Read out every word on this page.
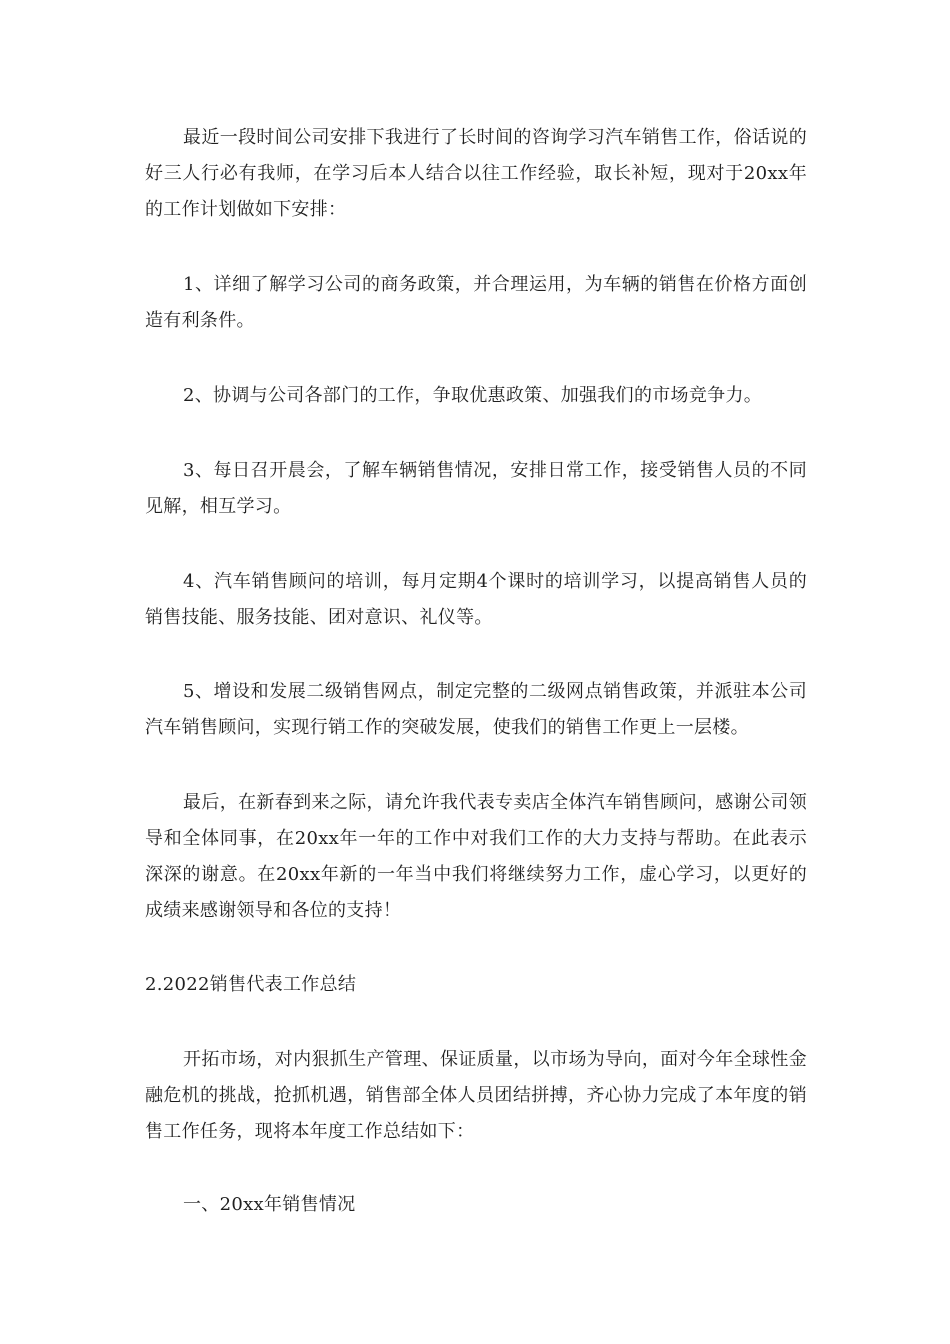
最近一段时间公司安排下我进行了长时间的咨询学习汽车销售工作，俗话说的好三人行必有我师，在学习后本人结合以往工作经验，取长补短，现对于20xx年的工作计划做如下安排：

1、详细了解学习公司的商务政策，并合理运用，为车辆的销售在价格方面创造有利条件。

2、协调与公司各部门的工作，争取优惠政策、加强我们的市场竞争力。

3、每日召开晨会，了解车辆销售情况，安排日常工作，接受销售人员的不同见解，相互学习。

4、汽车销售顾问的培训，每月定期4个课时的培训学习，以提高销售人员的销售技能、服务技能、团对意识、礼仪等。

5、增设和发展二级销售网点，制定完整的二级网点销售政策，并派驻本公司汽车销售顾问，实现行销工作的突破发展，使我们的销售工作更上一层楼。

最后，在新春到来之际，请允许我代表专卖店全体汽车销售顾问，感谢公司领导和全体同事，在20xx年一年的工作中对我们工作的大力支持与帮助。在此表示深深的谢意。在20xx年新的一年当中我们将继续努力工作，虚心学习，以更好的成绩来感谢领导和各位的支持！

2.2022销售代表工作总结

开拓市场，对内狠抓生产管理、保证质量，以市场为导向，面对今年全球性金融危机的挑战，抢抓机遇，销售部全体人员团结拼搏，齐心协力完成了本年度的销售工作任务，现将本年度工作总结如下：

一、20xx年销售情况
